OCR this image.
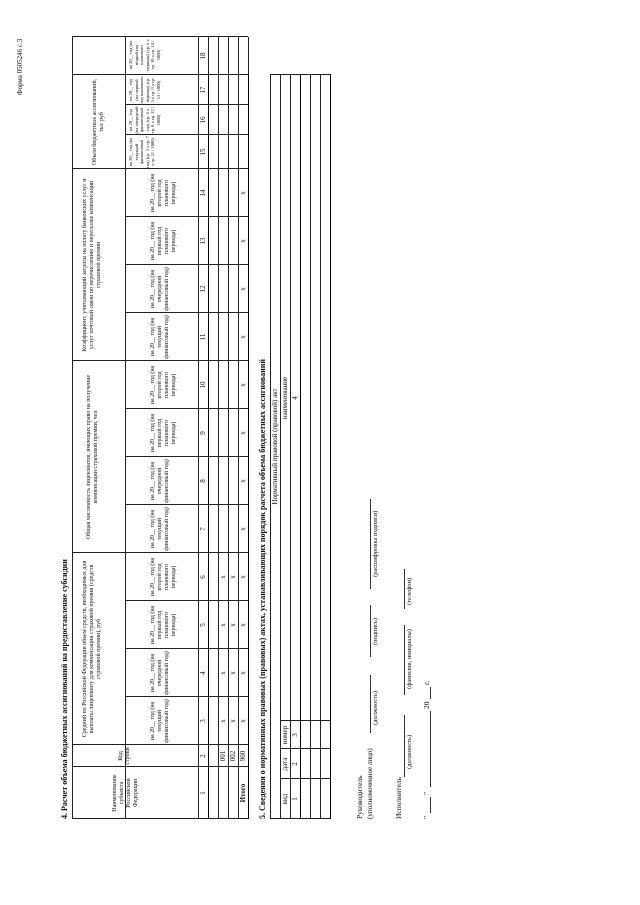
Форма 0505246 с.3
4. Расчет объема бюджетных ассигнований на предоставление субсидии	Наименование субъекта Российской Федерации
Код строки
Средний по Российской Федерации объем средств, необходимых для выплаты лицензиату для компенсации страховой премии (средств страховой премии), руб
Общая численность лицензиатов, имеющих право на получение компенсации страховой премии, чел
Коэффициент, учитывающий затраты на оплату банковских услуг и услуг почтовой связи по перечислению и пересылке компенсации страховой премии
Объем бюджетных ассигнований, тыс руб
на 20__ год (на текущий финансовый год)
на 20__ год (на очередной финансовый год)
на 20__ год (на первый год планового периода)
на 20__ год (на второй год планового периода)
на 20__ год (на текущий финансовый год)
на 20__ год (на очередной финансовый год)
на 20__ год (на первый год планового периода)
на 20__ год (на второй год планового периода)
на 20__ год (на текущий финансовый год)
на 20__ год (на очередной финансовый год)
на 20__ год (на первый год планового периода)
на 20__ год (на второй год планового периода)
на 20__ год (на текущий финансовый год) (гр. 3 х гр. 7 х гр. 11 / 1000)
на 20__ год (на очередной финансовый год) (гр. 4 х гр. 8 х гр. 12 / 1000)
на 20__ год (на первый год планового периода) (гр. 5 х гр. 9 х гр. 13 / 1000)
1
2
3
4
5
6
7
8
9
10
11
12
13
14
15
16
17
001 002
Итого
900
x
x
x
x
x
x
x
x
x
x
x
x
x
x
x
x
x
x
x
x
5. Сведения о нормативных правовых (правовых) актах, устанавливающих порядок расчета объема бюджетных ассигнований Нормативный правовой (правовой) акт
вид
дата
номер
наименование
1
2
3
4
Руководитель (уполномоченное лицо)
(должность)
(подпись)
(расшифровка подписи)
Исполнитель
(должность)
(фамилия, инициалы)
(телефон)
"
"
20
г.
на 20__ год (на второй год планового периода) (гр. 6 х гр. 10 х гр. 14 / 1000)	18
